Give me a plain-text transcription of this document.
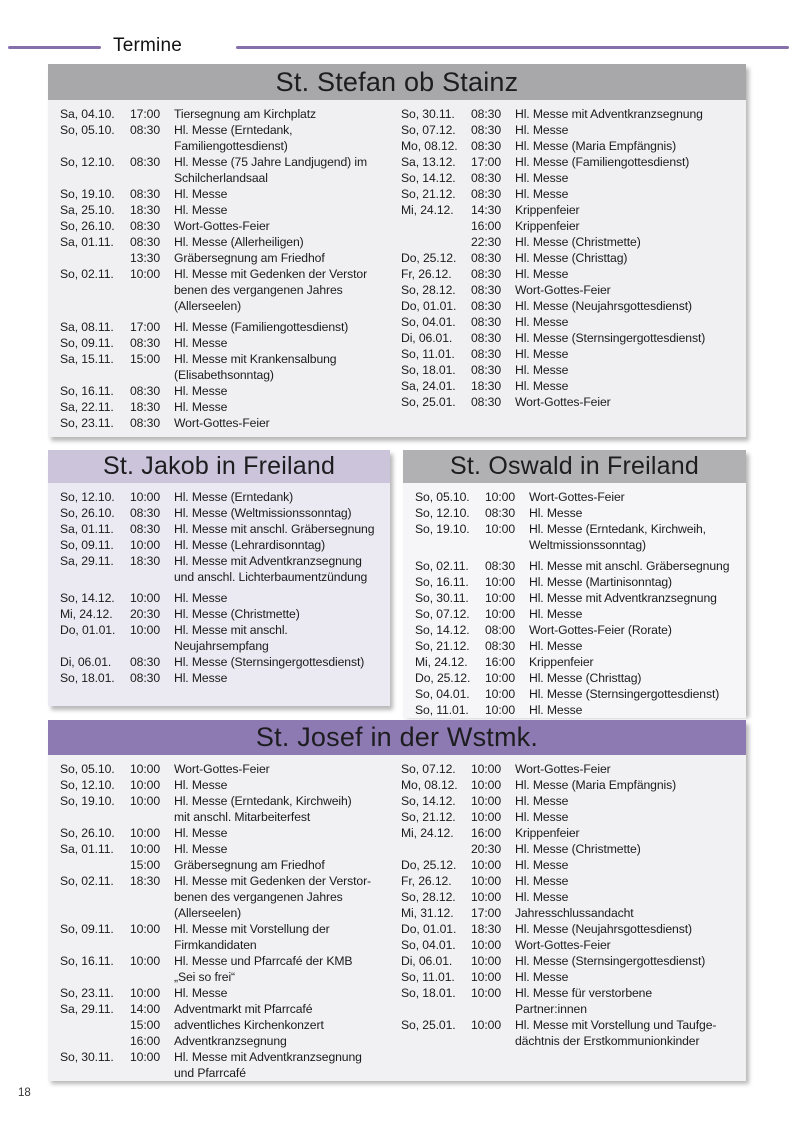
Termine
St. Stefan ob Stainz
Sa, 04.10.	17:00	Tiersegnung am Kirchplatz
So, 05.10.	08:30	Hl. Messe (Erntedank,
Familiengottesdienst)
So, 12.10.	08:30	Hl. Messe (75 Jahre Landjugend) im
Schilcherlandsaal
So, 19.10.	08:30	Hl. Messe
Sa, 25.10.	18:30	Hl. Messe
So, 26.10.	08:30	Wort-Gottes-Feier
Sa, 01.11.	08:30	Hl. Messe (Allerheiligen)
13:30	Gräbersegnung am Friedhof
So, 02.11.	10:00	Hl. Messe mit Gedenken der Verstor
benen des vergangenen Jahres
(Allerseelen)
Sa, 08.11.	17:00	Hl. Messe (Familiengottesdienst)
So, 09.11.	08:30	Hl. Messe
Sa, 15.11.	15:00	Hl. Messe mit Krankensalbung
(Elisabethsonntag)
So, 16.11.	08:30	Hl. Messe
Sa, 22.11.	18:30	Hl. Messe
So, 23.11.	08:30	Wort-Gottes-Feier
So, 30.11.	08:30	Hl. Messe mit Adventkranzsegnung
So, 07.12.	08:30	Hl. Messe
Mo, 08.12.	08:30	Hl. Messe (Maria Empfängnis)
Sa, 13.12.	17:00	Hl. Messe (Familiengottesdienst)
So, 14.12.	08:30	Hl. Messe
So, 21.12.	08:30	Hl. Messe
Mi, 24.12.	14:30	Krippenfeier
16:00	Krippenfeier
22:30	Hl. Messe (Christmette)
Do, 25.12.	08:30	Hl. Messe (Christtag)
Fr, 26.12.	08:30	Hl. Messe
So, 28.12.	08:30	Wort-Gottes-Feier
Do, 01.01.	08:30	Hl. Messe (Neujahrsgottesdienst)
So, 04.01.	08:30	Hl. Messe
Di, 06.01.	08:30	Hl. Messe (Sternsingergottesdienst)
So, 11.01.	08:30	Hl. Messe
So, 18.01.	08:30	Hl. Messe
Sa, 24.01.	18:30	Hl. Messe
So, 25.01.	08:30	Wort-Gottes-Feier
St. Jakob in Freiland
So, 12.10.	10:00	Hl. Messe (Erntedank)
So, 26.10.	08:30	Hl. Messe (Weltmissionssonntag)
Sa, 01.11.	08:30	Hl. Messe mit anschl. Gräbersegnung
So, 09.11.	10:00	Hl. Messe (Lehrardisonntag)
Sa, 29.11.	18:30	Hl. Messe mit Adventkranzsegnung
und anschl. Lichterbaumentzündung
So, 14.12.	10:00	Hl. Messe
Mi, 24.12.	20:30	Hl. Messe (Christmette)
Do, 01.01.	10:00	Hl. Messe mit anschl.
Neujahrsempfang
Di, 06.01.	08:30	Hl. Messe (Sternsingergottesdienst)
So, 18.01.	08:30	Hl. Messe
St. Oswald in Freiland
So, 05.10.	10:00	Wort-Gottes-Feier
So, 12.10.	08:30	Hl. Messe
So, 19.10.	10:00	Hl. Messe (Erntedank, Kirchweih,
Weltmissionssonntag)
So, 02.11.	08:30	Hl. Messe mit anschl. Gräbersegnung
So, 16.11.	10:00	Hl. Messe (Martinisonntag)
So, 30.11.	10:00	Hl. Messe mit Adventkranzsegnung
So, 07.12.	10:00	Hl. Messe
So, 14.12.	08:00	Wort-Gottes-Feier (Rorate)
So, 21.12.	08:30	Hl. Messe
Mi, 24.12.	16:00	Krippenfeier
Do, 25.12.	10:00	Hl. Messe (Christtag)
So, 04.01.	10:00	Hl. Messe (Sternsingergottesdienst)
So, 11.01.	10:00	Hl. Messe
St. Josef in der Wstmk.
So, 05.10.	10:00	Wort-Gottes-Feier
So, 12.10.	10:00	Hl. Messe
So, 19.10.	10:00	Hl. Messe (Erntedank, Kirchweih)
mit anschl. Mitarbeiterfest
So, 26.10.	10:00	Hl. Messe
Sa, 01.11.	10:00	Hl. Messe
15:00	Gräbersegnung am Friedhof
So, 02.11.	18:30	Hl. Messe mit Gedenken der Verstor-
benen des vergangenen Jahres
(Allerseelen)
So, 09.11.	10:00	Hl. Messe mit Vorstellung der
Firmkandidaten
So, 16.11.	10:00	Hl. Messe und Pfarrcafé der KMB
„Sei so frei“
So, 23.11.	10:00	Hl. Messe
Sa, 29.11.	14:00	Adventmarkt mit Pfarrcafé
15:00	adventliches Kirchenkonzert
16:00	Adventkranzsegnung
So, 30.11.	10:00	Hl. Messe mit Adventkranzsegnung
und Pfarrcafé
So, 07.12.	10:00	Wort-Gottes-Feier
Mo, 08.12.	10:00	Hl. Messe (Maria Empfängnis)
So, 14.12.	10:00	Hl. Messe
So, 21.12.	10:00	Hl. Messe
Mi, 24.12.	16:00	Krippenfeier
20:30	Hl. Messe (Christmette)
Do, 25.12.	10:00	Hl. Messe
Fr, 26.12.	10:00	Hl. Messe
So, 28.12.	10:00	Hl. Messe
Mi, 31.12.	17:00	Jahresschlussandacht
Do, 01.01.	18:30	Hl. Messe (Neujahrsgottesdienst)
So, 04.01.	10:00	Wort-Gottes-Feier
Di, 06.01.	10:00	Hl. Messe (Sternsingergottesdienst)
So, 11.01.	10:00	Hl. Messe
So, 18.01.	10:00	Hl. Messe für verstorbene
Partner:innen
So, 25.01.	10:00	Hl. Messe mit Vorstellung und Taufge-
dächtnis der Erstkommunionkinder
18
